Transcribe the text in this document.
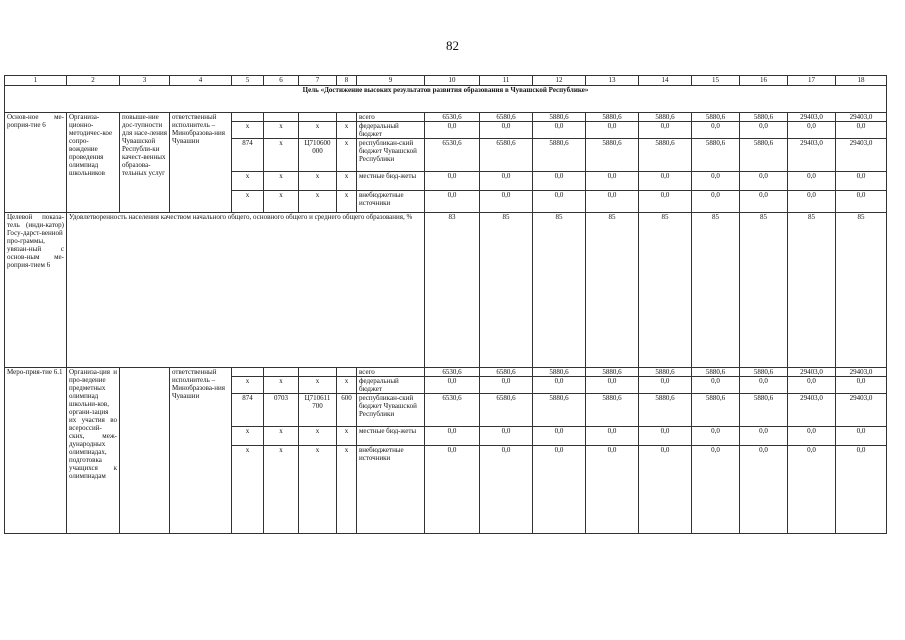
82
1	2	3	4	5	6	7	8	9	10	11	12	13	14	15	16	17	18
Цель «Достижение высоких результатов развития образования в Чувашской Республике»																	
Основ-ное ме-роприя-тие 6	Организа-ционно-методичес-кое сопро-вождение проведения олимпиад школьников	повыше-ние дос-тупности для насе-ления Чувашской Республи-ки качест-венных образова-тельных услуг	ответственный исполнитель – Минобразова-ния Чувашии					всего	6530,6	6580,6	5880,6	5880,6	5880,6	5880,6	5880,6	29403,0	29403,0
				x	x	x	x	федеральный бюджет	0,0	0,0	0,0	0,0	0,0	0,0	0,0	0,0	0,0
				874	x	Ц710600 000	x	республикан-ский бюджет Чувашской Республики	6530,6	6580,6	5880,6	5880,6	5880,6	5880,6	5880,6	29403,0	29403,0
				x	x	x	x	местные бюд-жеты	0,0	0,0	0,0	0,0	0,0	0,0	0,0	0,0	0,0
				x	x	x	x	внебюджетные источники	0,0	0,0	0,0	0,0	0,0	0,0	0,0	0,0	0,0
Целевой показа-тель (инди-катор) Госу-дарст-венной про-граммы, увязан-ный с основ-ным ме-роприя-тием 6	Удовлетворенность населения качеством начального общего, основного общего и среднего общего образования, %								83	85	85	85	85	85	85	85	85
Меро-прия-тие 6.1	Организа-ция и про-ведение предметных олимпиад школьни-ков, органи-зация их участия во всероссий-ских, меж-дународных олимпиадах, подготовка учащихся к олимпиадам		ответственный исполнитель – Минобразова-ния Чувашии					всего	6530,6	6580,6	5880,6	5880,6	5880,6	5880,6	5880,6	29403,0	29403,0
				x	x	x	x	федеральный бюджет	0,0	0,0	0,0	0,0	0,0	0,0	0,0	0,0	0,0
				874	0703	Ц710611 700	600	республикан-ский бюджет Чувашской Республики	6530,6	6580,6	5880,6	5880,6	5880,6	5880,6	5880,6	29403,0	29403,0
				x	x	x	x	местные бюд-жеты	0,0	0,0	0,0	0,0	0,0	0,0	0,0	0,0	0,0
				x	x	x	x	внебюджетные источники	0,0	0,0	0,0	0,0	0,0	0,0	0,0	0,0	0,0
